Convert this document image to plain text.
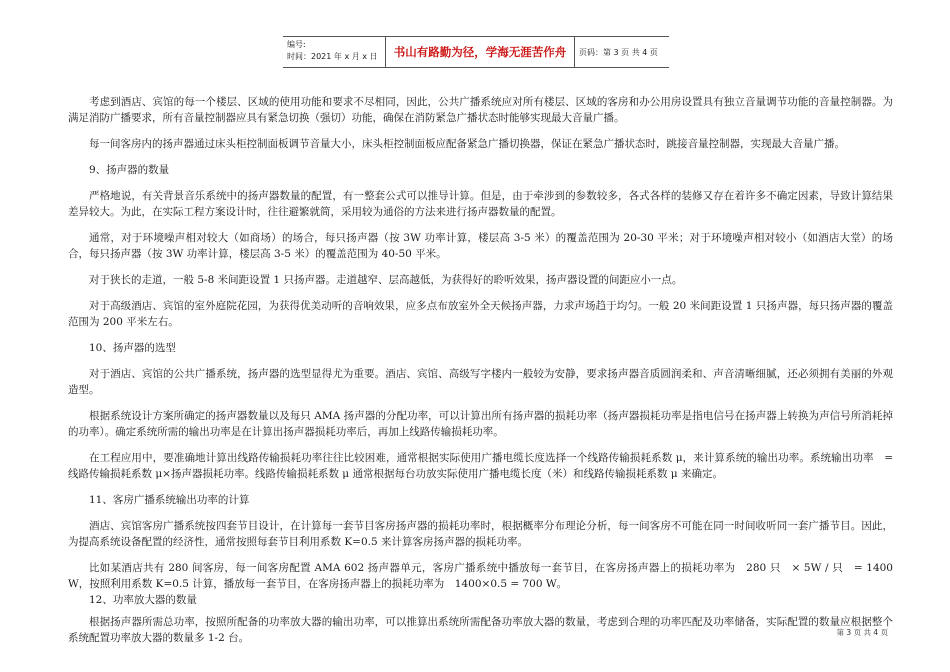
编号:
时间：2021 年 x 月 x 日	书山有路勤为径，学海无涯苦作舟	页码：第 3 页 共 4 页

考虑到酒店、宾馆的每一个楼层、区域的使用功能和要求不尽相同，因此，公共广播系统应对所有楼层、区域的客房和办公用房设置具有独立音量调节功能的音量控制器。为满足消防广播要求，所有音量控制器应具有紧急切换（强切）功能，确保在消防紧急广播状态时能够实现最大音量广播。

每一间客房内的扬声器通过床头柜控制面板调节音量大小，床头柜控制面板应配备紧急广播切换器，保证在紧急广播状态时，跳接音量控制器，实现最大音量广播。

9、扬声器的数量

严格地说，有关背景音乐系统中的扬声器数量的配置，有一整套公式可以推导计算。但是，由于牵涉到的参数较多，各式各样的装修又存在着许多不确定因素，导致计算结果差异较大。为此，在实际工程方案设计时，往往避繁就简，采用较为通俗的方法来进行扬声器数量的配置。

通常，对于环境噪声相对较大（如商场）的场合，每只扬声器（按 3W 功率计算，楼层高 3-5 米）的覆盖范围为 20-30 平米；对于环境噪声相对较小（如酒店大堂）的场合，每只扬声器（按 3W 功率计算，楼层高 3-5 米）的覆盖范围为 40-50 平米。

对于狭长的走道，一般 5-8 米间距设置 1 只扬声器。走道越窄、层高越低，为获得好的聆听效果，扬声器设置的间距应小一点。

对于高级酒店、宾馆的室外庭院花园，为获得优美动听的音响效果，应多点布放室外全天候扬声器，力求声场趋于均匀。一般 20 米间距设置 1 只扬声器，每只扬声器的覆盖范围为 200 平米左右。

10、扬声器的选型

对于酒店、宾馆的公共广播系统，扬声器的选型显得尤为重要。酒店、宾馆、高级写字楼内一般较为安静，要求扬声器音质圆润柔和、声音清晰细腻，还必须拥有美丽的外观造型。

根据系统设计方案所确定的扬声器数量以及每只 AMA 扬声器的分配功率，可以计算出所有扬声器的损耗功率（扬声器损耗功率是指电信号在扬声器上转换为声信号所消耗掉的功率）。确定系统所需的输出功率是在计算出扬声器损耗功率后，再加上线路传输损耗功率。

在工程应用中，要准确地计算出线路传输损耗功率往往比较困难，通常根据实际使用广播电缆长度选择一个线路传输损耗系数 μ，来计算系统的输出功率。系统输出功率　= 线路传输损耗系数 μ×扬声器损耗功率。线路传输损耗系数 μ 通常根据每台功放实际使用广播电缆长度（米）和线路传输损耗系数 μ 来确定。

11、客房广播系统输出功率的计算

酒店、宾馆客房广播系统按四套节目设计，在计算每一套节目客房扬声器的损耗功率时，根据概率分布理论分析，每一间客房不可能在同一时间收听同一套广播节目。因此，为提高系统设备配置的经济性，通常按照每套节目利用系数 K=0.5 来计算客房扬声器的损耗功率。

比如某酒店共有 280 间客房，每一间客房配置 AMA 602 扬声器单元，客房广播系统中播放每一套节目，在客房扬声器上的损耗功率为　280 只　× 5W / 只　= 1400 W，按照利用系数 K=0.5 计算，播放每一套节目，在客房扬声器上的损耗功率为　1400×0.5 = 700 W。

12、功率放大器的数量

根据扬声器所需总功率，按照所配备的功率放大器的输出功率，可以推算出系统所需配备功率放大器的数量，考虑到合理的功率匹配及功率储备，实际配置的数量应根据整个系统配置功率放大器的数量多 1-2 台。	第 3 页 共 4 页
